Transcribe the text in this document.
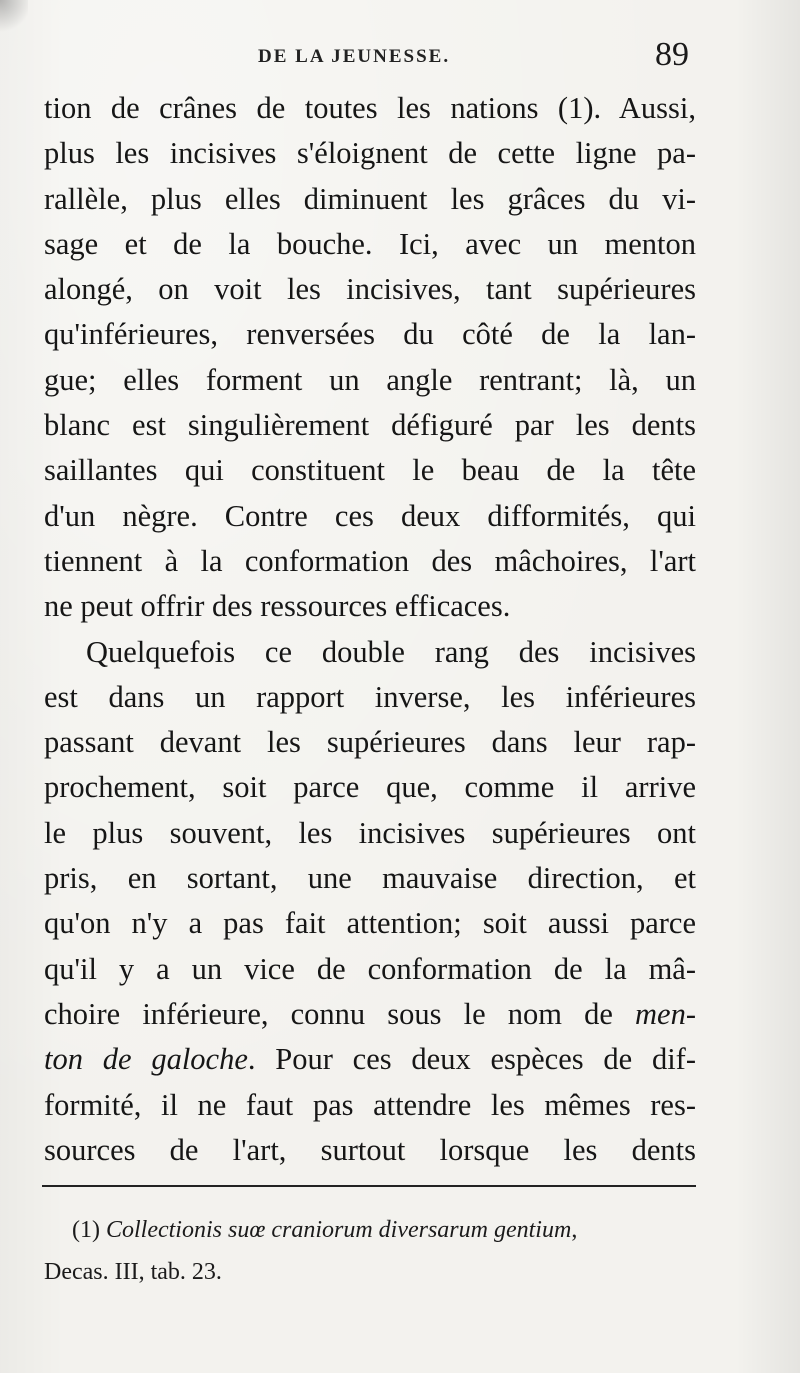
DE LA JEUNESSE.	89
tion de crânes de toutes les nations (1). Aussi,
plus les incisives s'éloignent de cette ligne pa-
rallèle, plus elles diminuent les grâces du vi-
sage et de la bouche. Ici, avec un menton
alongé, on voit les incisives, tant supérieures
qu'inférieures, renversées du côté de la lan-
gue; elles forment un angle rentrant; là, un
blanc est singulièrement défiguré par les dents
saillantes qui constituent le beau de la tête
d'un nègre. Contre ces deux difformités, qui
tiennent à la conformation des mâchoires, l'art
ne peut offrir des ressources efficaces.
Quelquefois ce double rang des incisives
est dans un rapport inverse, les inférieures
passant devant les supérieures dans leur rap-
prochement, soit parce que, comme il arrive
le plus souvent, les incisives supérieures ont
pris, en sortant, une mauvaise direction, et
qu'on n'y a pas fait attention; soit aussi parce
qu'il y a un vice de conformation de la mâ-
choire inférieure, connu sous le nom de men-
ton de galoche. Pour ces deux espèces de dif-
formité, il ne faut pas attendre les mêmes res-
sources de l'art, surtout lorsque les dents
(1) Collectionis suœ craniorum diversarum gentium,
Decas. III, tab. 23.
